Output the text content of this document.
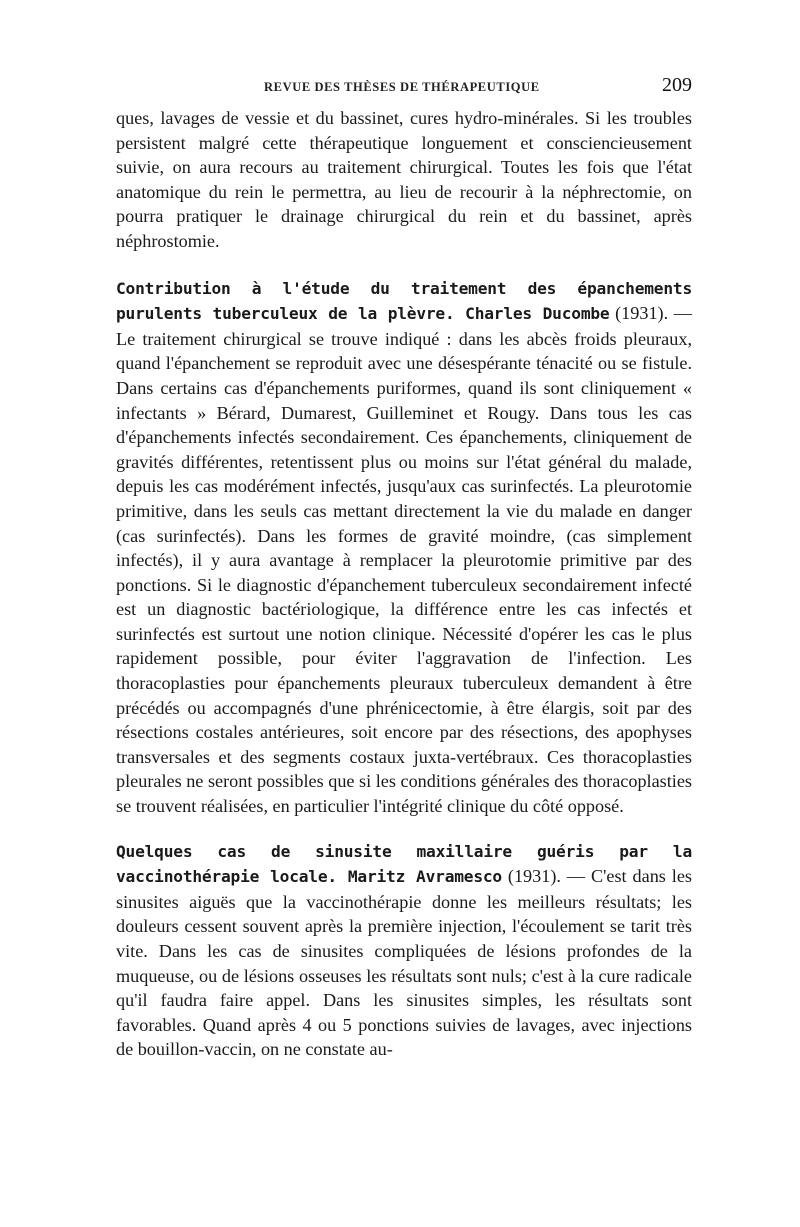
REVUE DES THÈSES DE THÉRAPEUTIQUE	209

ques, lavages de vessie et du bassinet, cures hydro-minérales. Si les troubles persistent malgré cette thérapeutique longuement et consciencieusement suivie, on aura recours au traitement chirurgical. Toutes les fois que l'état anatomique du rein le permettra, au lieu de recourir à la néphrectomie, on pourra pratiquer le drainage chirurgical du rein et du bassinet, après néphrostomie.

Contribution à l'étude du traitement des épanchements purulents tuberculeux de la plèvre. Charles Ducombe (1931). — Le traitement chirurgical se trouve indiqué : dans les abcès froids pleuraux, quand l'épanchement se reproduit avec une désespérante ténacité ou se fistule. Dans certains cas d'épanchements puriformes, quand ils sont cliniquement « infectants » Bérard, Dumarest, Guilleminet et Rougy. Dans tous les cas d'épanchements infectés secondairement. Ces épanchements, cliniquement de gravités différentes, retentissent plus ou moins sur l'état général du malade, depuis les cas modérément infectés, jusqu'aux cas surinfectés. La pleurotomie primitive, dans les seuls cas mettant directement la vie du malade en danger (cas surinfectés). Dans les formes de gravité moindre, (cas simplement infectés), il y aura avantage à remplacer la pleurotomie primitive par des ponctions. Si le diagnostic d'épanchement tuberculeux secondairement infecté est un diagnostic bactériologique, la différence entre les cas infectés et surinfectés est surtout une notion clinique. Nécessité d'opérer les cas le plus rapidement possible, pour éviter l'aggravation de l'infection. Les thoracoplasties pour épanchements pleuraux tuberculeux demandent à être précédés ou accompagnés d'une phrénicectomie, à être élargis, soit par des résections costales antérieures, soit encore par des résections, des apophyses transversales et des segments costaux juxta-vertébraux. Ces thoracoplasties pleurales ne seront possibles que si les conditions générales des thoracoplasties se trouvent réalisées, en particulier l'intégrité clinique du côté opposé.

Quelques cas de sinusite maxillaire guéris par la vaccinothérapie locale. Maritz Avramesco (1931). — C'est dans les sinusites aiguës que la vaccinothérapie donne les meilleurs résultats; les douleurs cessent souvent après la première injection, l'écoulement se tarit très vite. Dans les cas de sinusites compliquées de lésions profondes de la muqueuse, ou de lésions osseuses les résultats sont nuls; c'est à la cure radicale qu'il faudra faire appel. Dans les sinusites simples, les résultats sont favorables. Quand après 4 ou 5 ponctions suivies de lavages, avec injections de bouillon-vaccin, on ne constate au-
